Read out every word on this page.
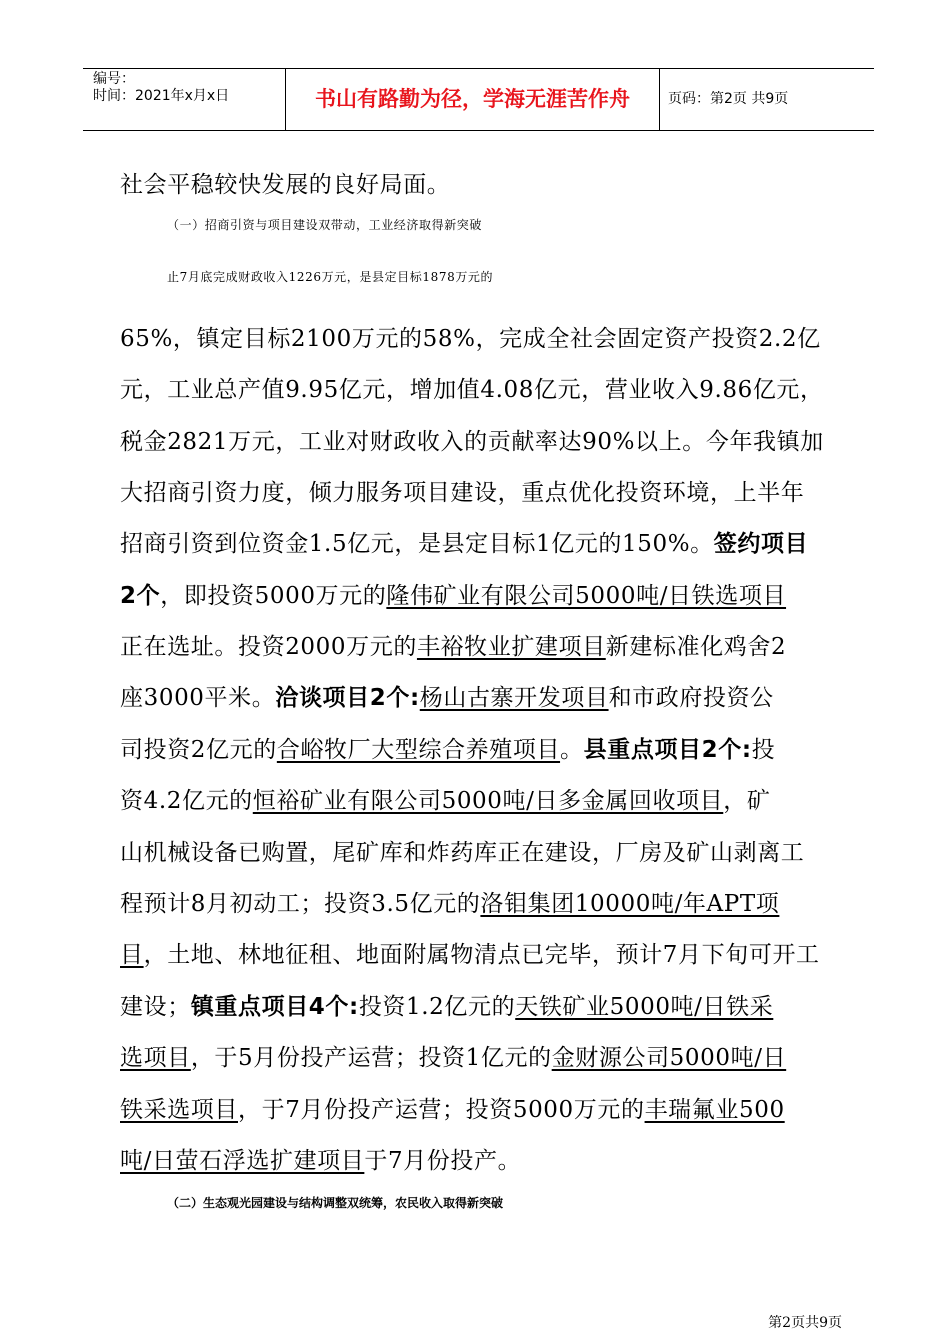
编号：
时间：2021年x月x日	书山有路勤为径，学海无涯苦作舟	页码：第2页 共9页
社会平稳较快发展的良好局面。
（一）招商引资与项目建设双带动，工业经济取得新突破
止7月底完成财政收入1226万元，是县定目标1878万元的
65%，镇定目标2100万元的58%，完成全社会固定资产投资2.2亿
元，工业总产值9.95亿元，增加值4.08亿元，营业收入9.86亿元，
税金2821万元，工业对财政收入的贡献率达90%以上。今年我镇加
大招商引资力度，倾力服务项目建设，重点优化投资环境，上半年
招商引资到位资金1.5亿元，是县定目标1亿元的150%。签约项目
2个，即投资5000万元的隆伟矿业有限公司5000吨/日铁选项目
正在选址。投资2000万元的丰裕牧业扩建项目新建标准化鸡舍2
座3000平米。洽谈项目2个:杨山古寨开发项目和市政府投资公
司投资2亿元的合峪牧厂大型综合养殖项目。县重点项目2个:投
资4.2亿元的恒裕矿业有限公司5000吨/日多金属回收项目，矿
山机械设备已购置，尾矿库和炸药库正在建设，厂房及矿山剥离工
程预计8月初动工；投资3.5亿元的洛钼集团10000吨/年APT项
目，土地、林地征租、地面附属物清点已完毕，预计7月下旬可开工
建设；镇重点项目4个:投资1.2亿元的天铁矿业5000吨/日铁采
选项目，于5月份投产运营；投资1亿元的金财源公司5000吨/日
铁采选项目，于7月份投产运营；投资5000万元的丰瑞氟业500
吨/日萤石浮选扩建项目于7月份投产。
（二）生态观光园建设与结构调整双统筹，农民收入取得新突破
第2页共9页
